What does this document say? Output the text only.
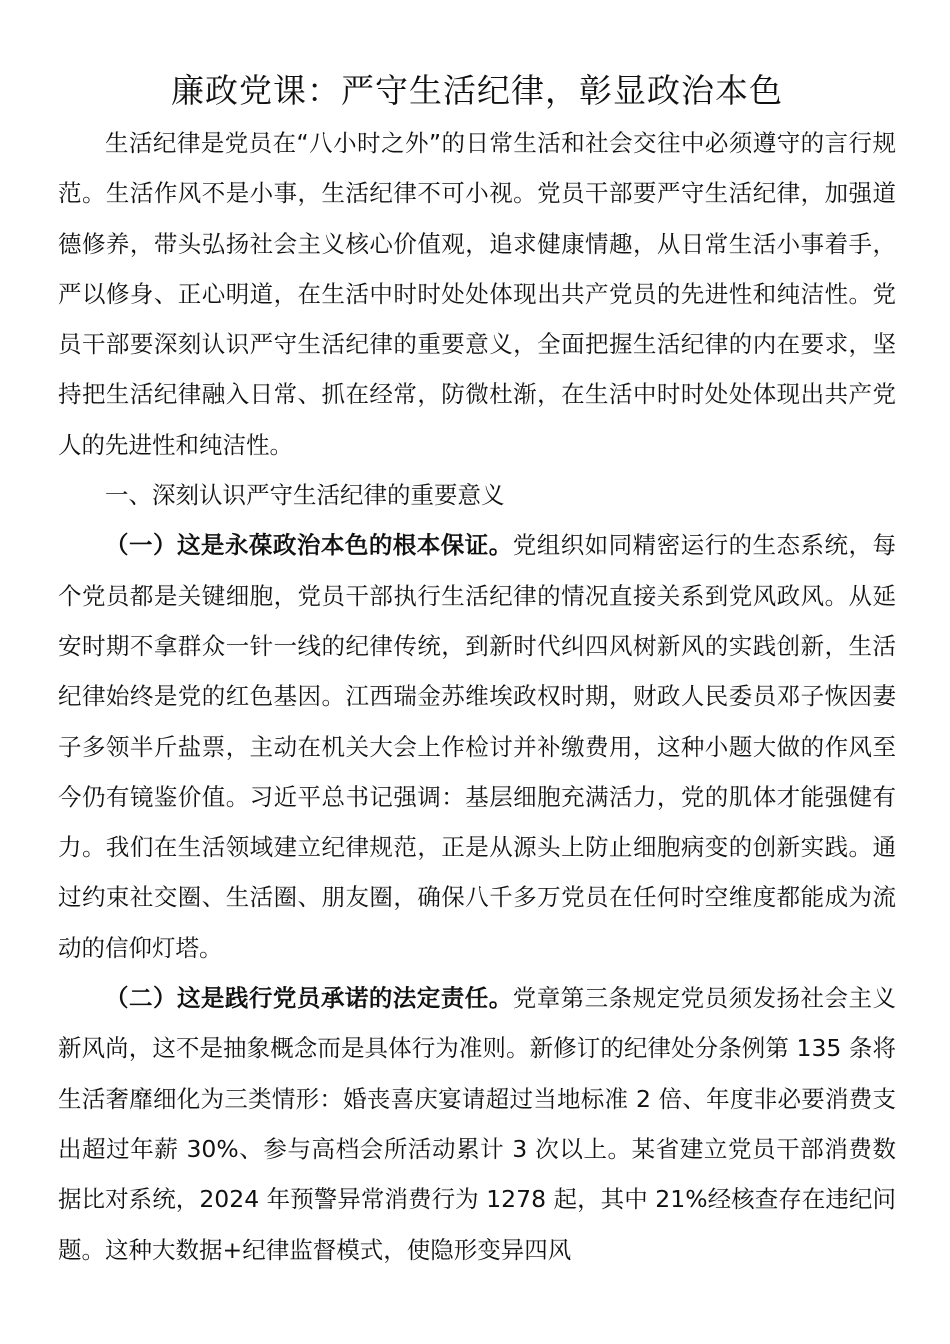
廉政党课：严守生活纪律，彰显政治本色

生活纪律是党员在“八小时之外”的日常生活和社会交往中必须遵守的言行规范。生活作风不是小事，生活纪律不可小视。党员干部要严守生活纪律，加强道德修养，带头弘扬社会主义核心价值观，追求健康情趣，从日常生活小事着手，严以修身、正心明道，在生活中时时处处体现出共产党员的先进性和纯洁性。党员干部要深刻认识严守生活纪律的重要意义，全面把握生活纪律的内在要求，坚持把生活纪律融入日常、抓在经常，防微杜渐，在生活中时时处处体现出共产党人的先进性和纯洁性。

一、深刻认识严守生活纪律的重要意义

（一）这是永葆政治本色的根本保证。党组织如同精密运行的生态系统，每个党员都是关键细胞，党员干部执行生活纪律的情况直接关系到党风政风。从延安时期不拿群众一针一线的纪律传统，到新时代纠四风树新风的实践创新，生活纪律始终是党的红色基因。江西瑞金苏维埃政权时期，财政人民委员邓子恢因妻子多领半斤盐票，主动在机关大会上作检讨并补缴费用，这种小题大做的作风至今仍有镜鉴价值。习近平总书记强调：基层细胞充满活力，党的肌体才能强健有力。我们在生活领域建立纪律规范，正是从源头上防止细胞病变的创新实践。通过约束社交圈、生活圈、朋友圈，确保八千多万党员在任何时空维度都能成为流动的信仰灯塔。

（二）这是践行党员承诺的法定责任。党章第三条规定党员须发扬社会主义新风尚，这不是抽象概念而是具体行为准则。新修订的纪律处分条例第 135 条将生活奢靡细化为三类情形：婚丧喜庆宴请超过当地标准 2 倍、年度非必要消费支出超过年薪 30%、参与高档会所活动累计 3 次以上。某省建立党员干部消费数据比对系统，2024 年预警异常消费行为 1278 起，其中 21%经核查存在违纪问题。这种大数据+纪律监督模式，使隐形变异四风
